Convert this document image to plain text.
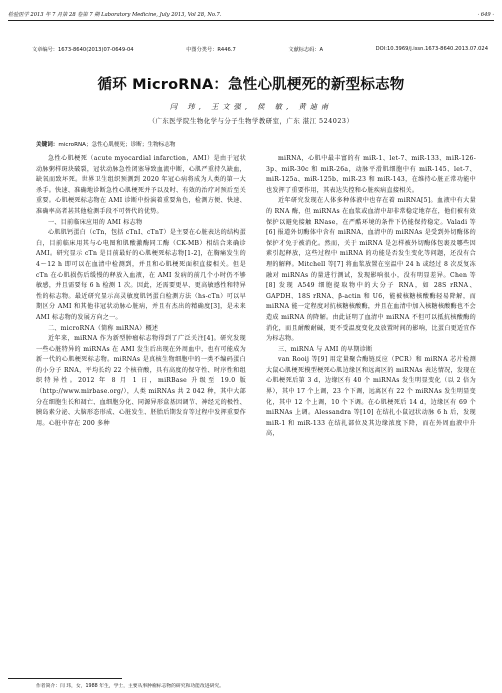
检验医学 2013 年 7 月第 28 卷第 7 期 Laboratory Medicine, July 2013, Vol 28, No.7.	· 649 ·
文章编号：1673-8640(2013)07-0649-04	中图分类号：R446.7	文献标志码：A	DOI:10.3969/j.issn.1673-8640.2013.07.024
循环 MicroRNA：急性心肌梗死的新型标志物
闫 玮, 王文强, 侯 敏, 黄迪南
（广东医学院生物化学与分子生物学教研室，广东 湛江 524023）
关键词：microRNA；急性心肌梗死；诊断；生物标志物

急性心肌梗死（acute myocardial infarction，AMI）是由于冠状动脉粥样斑块破裂，冠状动脉急性闭塞导致血流中断，心肌严重持久缺血，缺氧而致坏死。世界卫生组织预测到 2020 年冠心病将成为人类的第一大杀手。快速、准确地诊断急性心肌梗死并予以及时、有效的治疗对预后至关重要。心肌梗死标志物在 AMI 诊断中扮演着重要角色，检测方便、快速、准确率高者甚其他检测手段不可替代的优势。

一、目前临床应用的 AMI 标志物

心肌肌钙蛋白（cTn，包括 cTnI、cTnT）是主要在心脏表达的结构蛋白，目前临床用其与心电图和肌酸激酶同工酶（CK-MB）相结合来确诊 AMI。研究显示 cTn 是目前最好的心肌梗死标志物[1-2]，在胸痛发生的 4～12 h 即可以在血清中检测到，并且和心肌梗死面积直接相关。但是 cTn 在心肌损伤后缓慢的释放入血液，在 AMI 发病的前几个小时仍不够敏感，并且需要每 6 h 检测 1 次。因此，还需要更早、更高敏感性和特异性的标志物。最近研究显示高灵敏度肌钙蛋白检测方法（hs-cTn）可以早期区分 AMI 和其他非冠状动脉心脏病，并且有杰出的精确度[3]，是未来 AMI 标志物的发展方向之一。

二、microRNA（简称 miRNA）概述

近年来，miRNA 作为新型肿瘤标志物得到了广泛关注[4]。研究发现一些心脏特异的 miRNAs 在 AMI 发生后出现在外周血中，也有可能成为新一代的心肌梗死标志物。miRNAs 是真核生物细胞中的一类不编码蛋白的小分子 RNA，平均长约 22 个核苷酸，具有高度的保守性、时序性和组织特异性。2012 年 8 月 1 日，miRBase 升级至 19.0 版（http://www.mirbase.org/），人类 miRNAs 共 2 042 种，其中大部分在细胞生长和凋亡、血细胞分化、同源异形盒基因调节、神经元的极性、胰岛素分泌、大脑形态形成、心脏发生、胚胎后期发育等过程中发挥重要作用。心脏中存在 200 多种

miRNA，心肌中最丰富的有 miR-1、let-7、miR-133、miR-126-3p、miR-30c 和 miR-26a，动脉平滑肌细胞中有 miR-145、let-7、miR-125a、miR-125b、miR-23 和 miR-143，在维持心脏正常功能中也发挥了重要作用，其表达失控和心脏疾病直接相关。

近年研究发现在人体多种体液中也存在着 miRNA[5]。血液中有大量的 RNA 酶，但 miRNAs 在血浆或血清中却非常稳定地存在，他们被有效保护以避免接触 RNase，在严酷环境的条件下仍能保持稳定。Valadi 等[6] 报道外切酶体中含有 miRNA，血清中的 miRNAs 是受到外切酶体的保护才免于被消化。然而，关于 miRNA 是怎样被外切酶体包裹及哪些因素引起释放，这些过程中 miRNA 的功能是否发生变化等问题，还没有合理的解释。Mitchell 等[7] 将血浆放置在室温中 24 h 或经过 8 次反复冻融对 miRNAs 的量进行测试，发现影响很小，没有明显差异。Chen 等[8] 发现 A549 细胞提取物中的大分子 RNA，如 28S rRNA、GAPDH、18S rRNA、β-actin 和 U6，能被核糖核酸酶轻易降解，而 miRNA 能一定程度对抗核糖核酸酶，并且在血清中加入核糖核酸酶也不会造成 miRNA 的降解。由此证明了血清中 miRNA 不但可以抵抗核酸酶的消化，而且耐酸耐碱，更不受温度变化及放置时间的影响，比蛋白更适宜作为标志物。

三、miRNA 与 AMI 的早期诊断

van Rooij 等[9] 用定量聚合酶链反应（PCR）和 miRNA 芯片检测大鼠心肌梗死模型梗死心肌边缘区和远离区的 miRNAs 表达情况，发现在心肌梗死后第 3 d，边缘区有 40 个 miRNAs 发生明显变化（以 2 倍为界），其中 17 个上调，23 个下调，远离区有 22 个 miRNAs 发生明显变化，其中 12 个上调，10 个下调。在心肌梗死后 14 d，边缘区有 69 个 miRNAs 上调。Alessandra 等[10] 在结扎小鼠冠状动脉 6 h 后，发现 miR-1 和 miR-133 在结扎部位及其边缘浓度下降，而在外周血液中升高，

作者简介：闫 玮，女，1988 年生，学士，主要从事肿瘤标志物的研究和功能改进研究。
